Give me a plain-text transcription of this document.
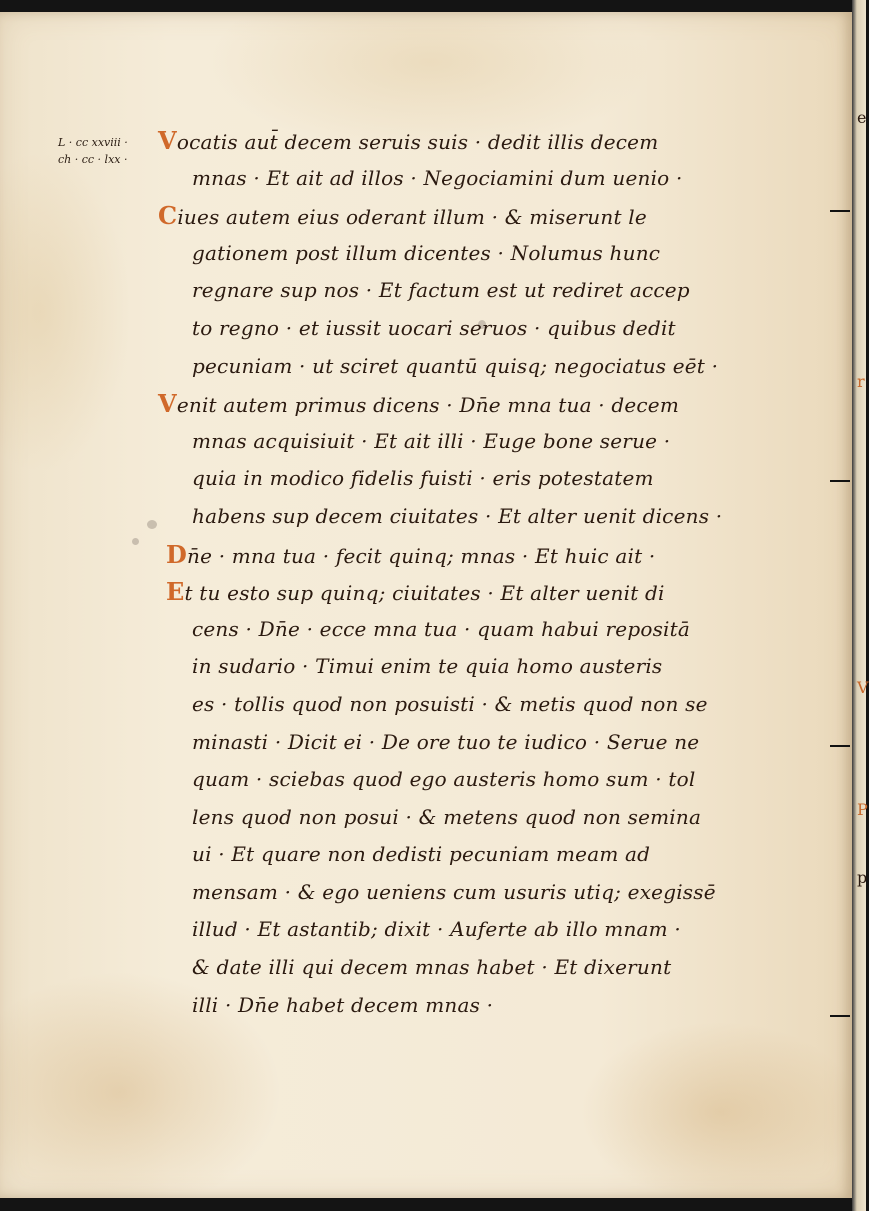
L · cc xxviii ·
ch · cc · lxx ·
Vocatis aut̄ decem seruis suis · dedit illis decem
mnas · Et ait ad illos · Negociamini dum uenio ·
Ciues autem eius oderant illum · & miserunt le
gationem post illum dicentes · Nolumus hunc
regnare sup nos · Et factum est ut rediret accep
to regno · et iussit uocari seruos · quibus dedit
pecuniam · ut sciret quantū quisq; negociatus eēt ·
Venit autem primus dicens · Dn̄e mna tua · decem
mnas acquisiuit · Et ait illi · Euge bone serue ·
quia in modico fidelis fuisti · eris potestatem
habens sup decem ciuitates · Et alter uenit dicens ·
Dn̄e · mna tua · fecit quinq; mnas · Et huic ait ·
Et tu esto sup quinq; ciuitates · Et alter uenit di
cens · Dn̄e · ecce mna tua · quam habui repositā
in sudario · Timui enim te quia homo austeris
es · tollis quod non posuisti · & metis quod non se
minasti · Dicit ei · De ore tuo te iudico · Serue ne
quam · sciebas quod ego austeris homo sum · tol
lens quod non posui · & metens quod non semina
ui · Et quare non dedisti pecuniam meam ad
mensam · & ego ueniens cum usuris utiq; exegissē
illud · Et astantib; dixit · Auferte ab illo mnam ·
& date illi qui decem mnas habet · Et dixerunt
illi · Dn̄e habet decem mnas ·
e
r
V
P
p
